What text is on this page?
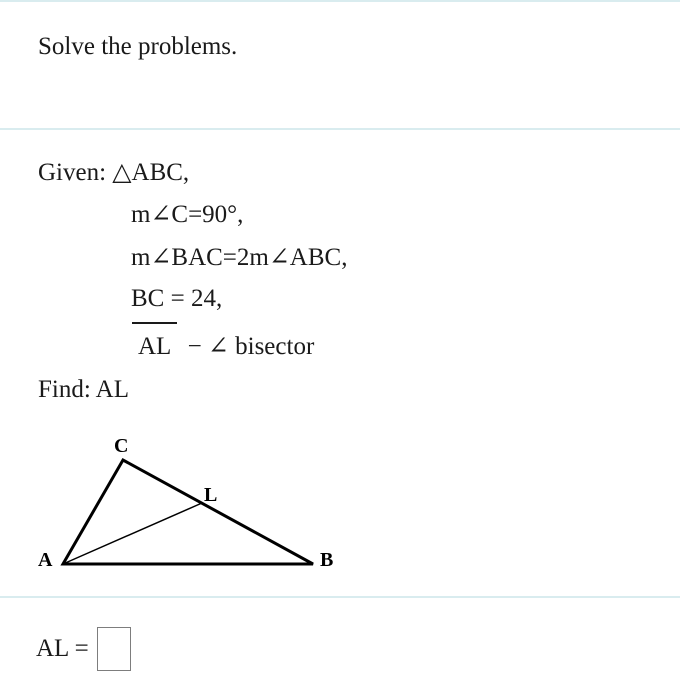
Solve the problems.
Given: △ABC,
m∠C=90°,
m∠BAC=2m∠ABC,
BC = 24,
AL − ∠ bisector
Find: AL
A	B
C
L
AL =
